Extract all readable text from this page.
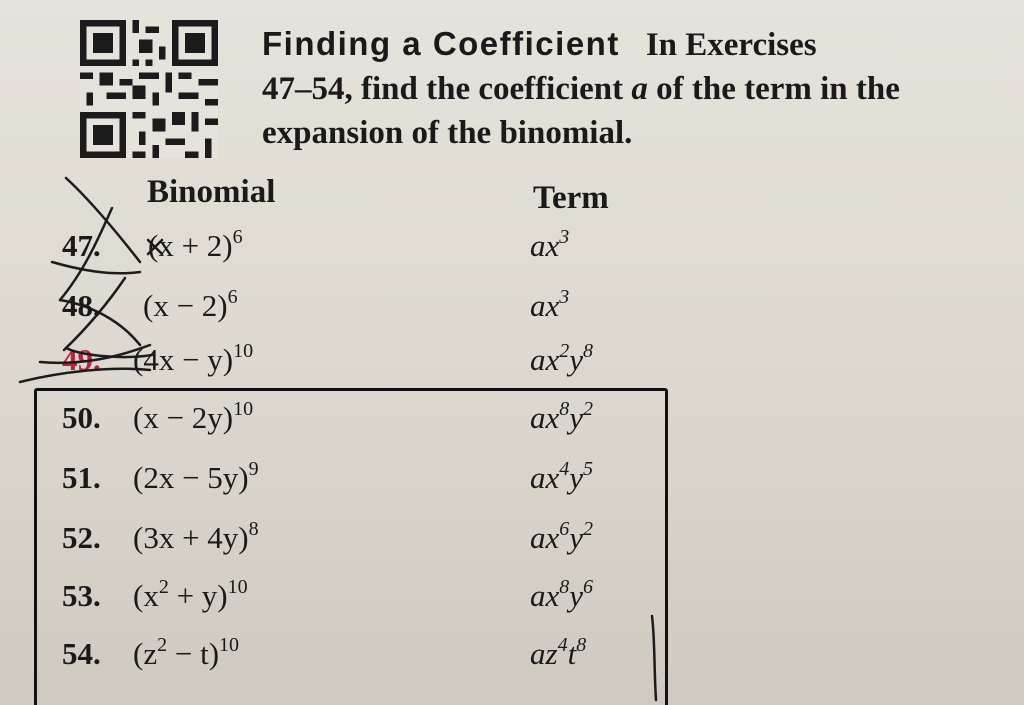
Finding a Coefficient In Exercises
47–54, find the coefficient a of the term in the
expansion of the binomial.
Binomial	Term
47. $(x + 2)^6$	$ax^3$
48. $(x - 2)^6$	$ax^3$
49. $(4x - y)^{10}$	$ax^2y^8$
50. $(x - 2y)^{10}$	$ax^8y^2$
51. $(2x - 5y)^9$	$ax^4y^5$
52. $(3x + 4y)^8$	$ax^6y^2$
53. $(x^2 + y)^{10}$	$ax^8y^6$
54. $(z^2 - t)^{10}$	$az^4t^8$
